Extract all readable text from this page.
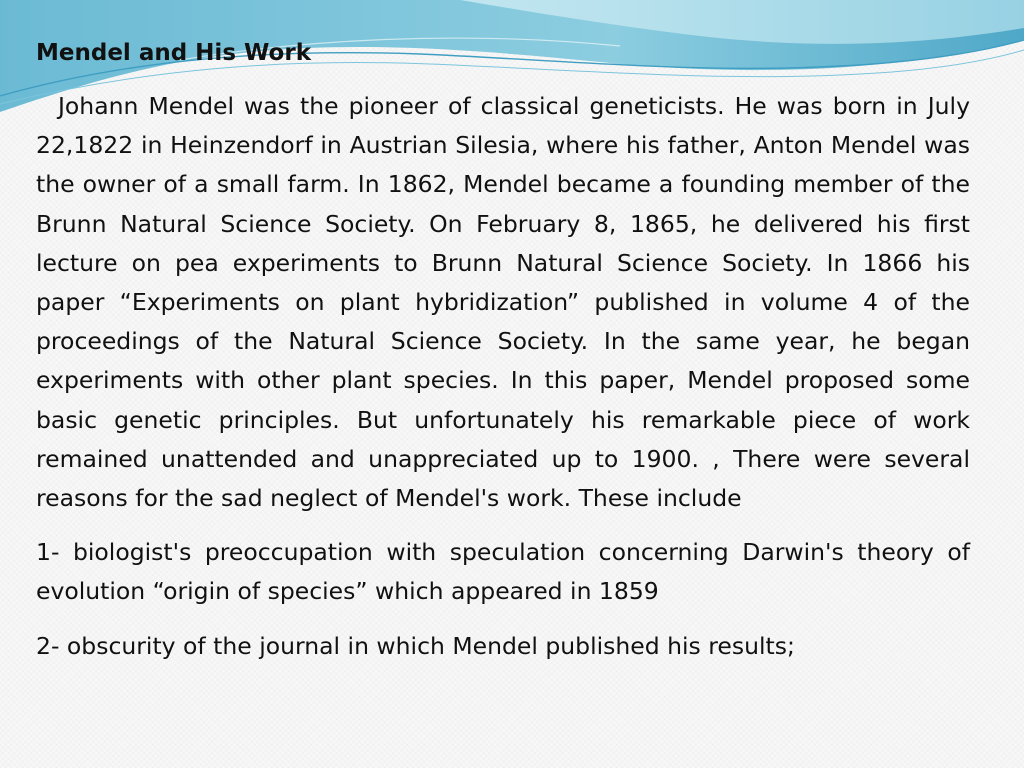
Mendel and His Work

Johann Mendel was the pioneer of classical geneticists. He was born in July 22,1822 in Heinzendorf in Austrian Silesia, where his father, Anton Mendel was the owner of a small farm. In 1862, Mendel became a founding member of the Brunn Natural Science Society. On February 8, 1865, he delivered his first lecture on pea experiments to Brunn Natural Science Society. In 1866 his paper “Experiments on plant hybridization” published in volume 4 of the proceedings of the Natural Science Society. In the same year, he began experiments with other plant species. In this paper, Mendel proposed some basic genetic principles. But unfortunately his remarkable piece of work remained unattended and unappreciated up to 1900. , There were several reasons for the sad neglect of Mendel's work. These include

1- biologist's preoccupation with speculation concerning Darwin's theory of evolution “origin of species” which appeared in 1859

2- obscurity of the journal in which Mendel published his results;
